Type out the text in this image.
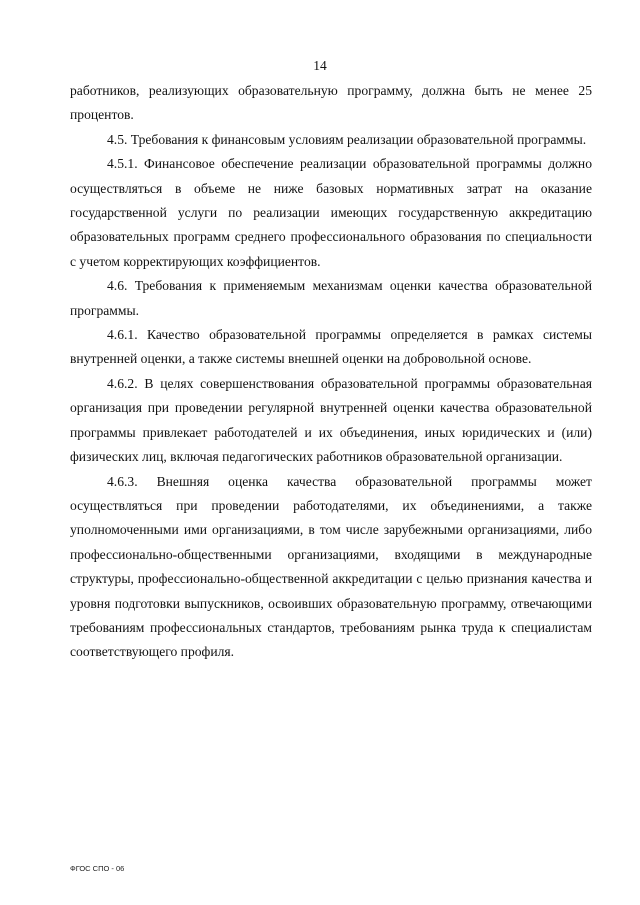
14

работников, реализующих образовательную программу, должна быть не менее 25 процентов.

4.5. Требования к финансовым условиям реализации образовательной программы.

4.5.1. Финансовое обеспечение реализации образовательной программы должно осуществляться в объеме не ниже базовых нормативных затрат на оказание государственной услуги по реализации имеющих государственную аккредитацию образовательных программ среднего профессионального образования по специальности с учетом корректирующих коэффициентов.

4.6. Требования к применяемым механизмам оценки качества образовательной программы.

4.6.1. Качество образовательной программы определяется в рамках системы внутренней оценки, а также системы внешней оценки на добровольной основе.

4.6.2. В целях совершенствования образовательной программы образовательная организация при проведении регулярной внутренней оценки качества образовательной программы привлекает работодателей и их объединения, иных юридических и (или) физических лиц, включая педагогических работников образовательной организации.

4.6.3. Внешняя оценка качества образовательной программы может осуществляться при проведении работодателями, их объединениями, а также уполномоченными ими организациями, в том числе зарубежными организациями, либо профессионально-общественными организациями, входящими в международные структуры, профессионально-общественной аккредитации с целью признания качества и уровня подготовки выпускников, освоивших образовательную программу, отвечающими требованиям профессиональных стандартов, требованиям рынка труда к специалистам соответствующего профиля.

ФГОС СПО - 06
